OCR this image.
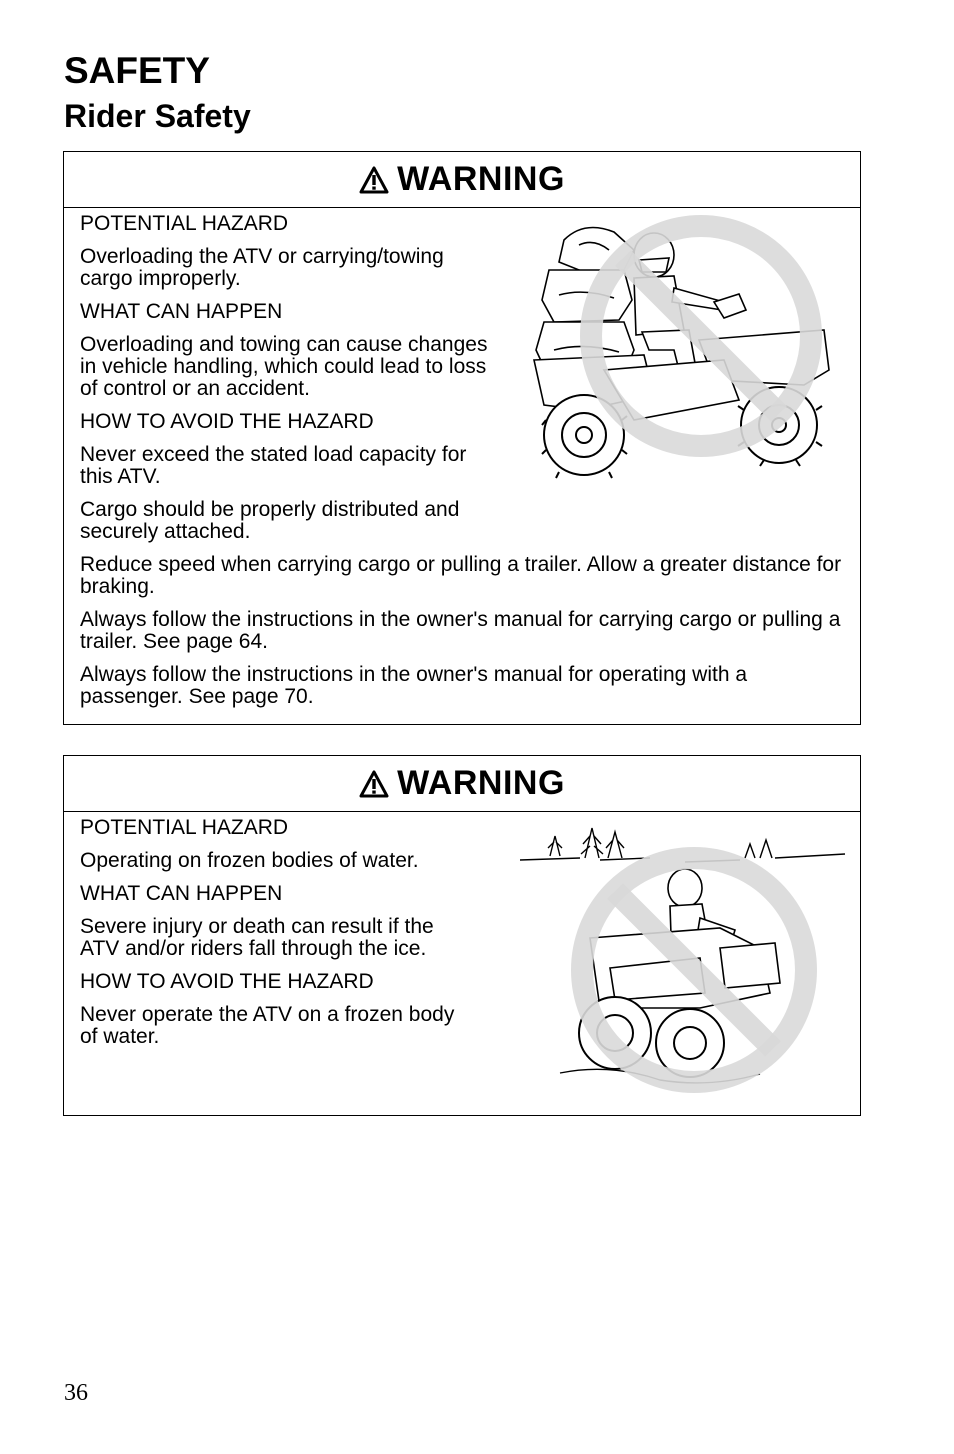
SAFETY
Rider Safety
WARNING

POTENTIAL HAZARD

Overloading the ATV or carrying/towing cargo improperly.

WHAT CAN HAPPEN

Overloading and towing can cause changes in vehicle handling, which could lead to loss of control or an accident.

HOW TO AVOID THE HAZARD

Never exceed the stated load capacity for this ATV.

Cargo should be properly distributed and securely attached.

Reduce speed when carrying cargo or pulling a trailer. Allow a greater distance for braking.

Always follow the instructions in the owner's manual for carrying cargo or pulling a trailer. See page 64.

Always follow the instructions in the owner's manual for operating with a passenger. See page 70.

WARNING

POTENTIAL HAZARD

Operating on frozen bodies of water.

WHAT CAN HAPPEN

Severe injury or death can result if the ATV and/or riders fall through the ice.

HOW TO AVOID THE HAZARD

Never operate the ATV on a frozen body of water.

36
